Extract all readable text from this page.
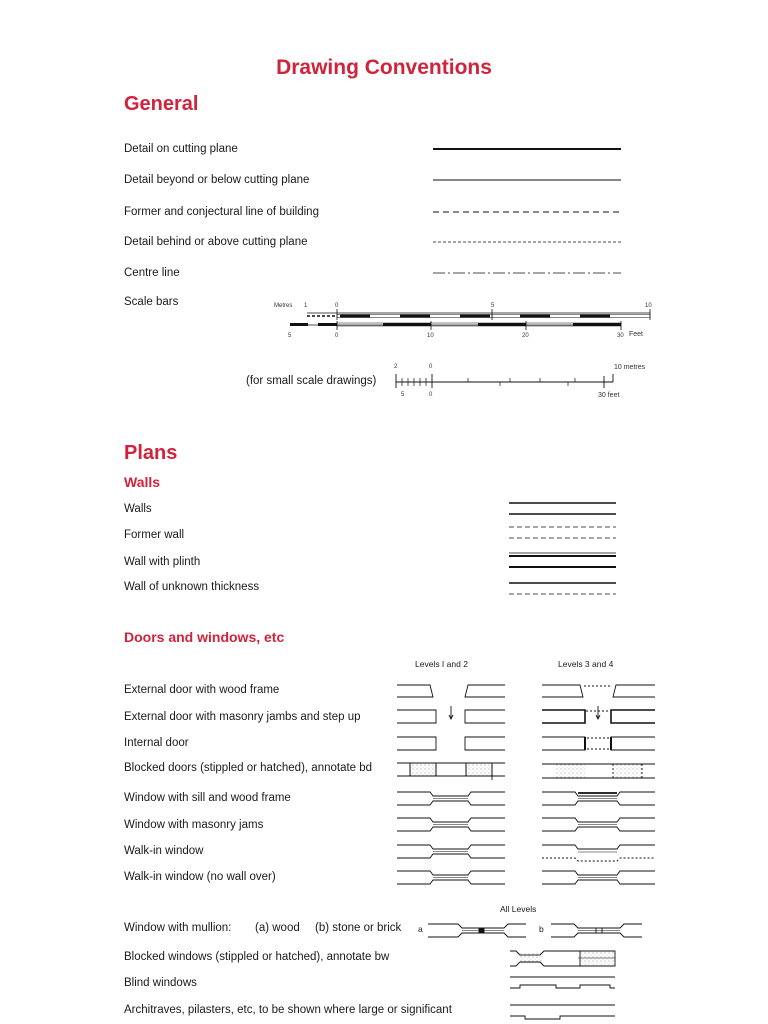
Drawing Conventions
General
Detail on cutting plane
Detail beyond or below cutting plane
Former and conjectural line of building
Detail behind or above cutting plane
Centre line
Scale bars	Metres 1	0	5	10
5	0	10	20	30 Feet
2	0	10 metres
(for small scale drawings)
5	0	30 feet
Plans
Walls
Walls
Former wall
Wall with plinth
Wall of unknown thickness
Doors and windows, etc
Levels I and 2	Levels 3 and 4
External door with wood frame
External door with masonry jambs and step up
Internal door
Blocked doors (stippled or hatched), annotate bd
Window with sill and wood frame
Window with masonry jams
Walk-in window
Walk-in window (no wall over)
All Levels
Window with mullion: (a) wood (b) stone or brick a	b
Blocked windows (stippled or hatched), annotate bw
Blind windows
Architraves, pilasters, etc, to be shown where large or significant
